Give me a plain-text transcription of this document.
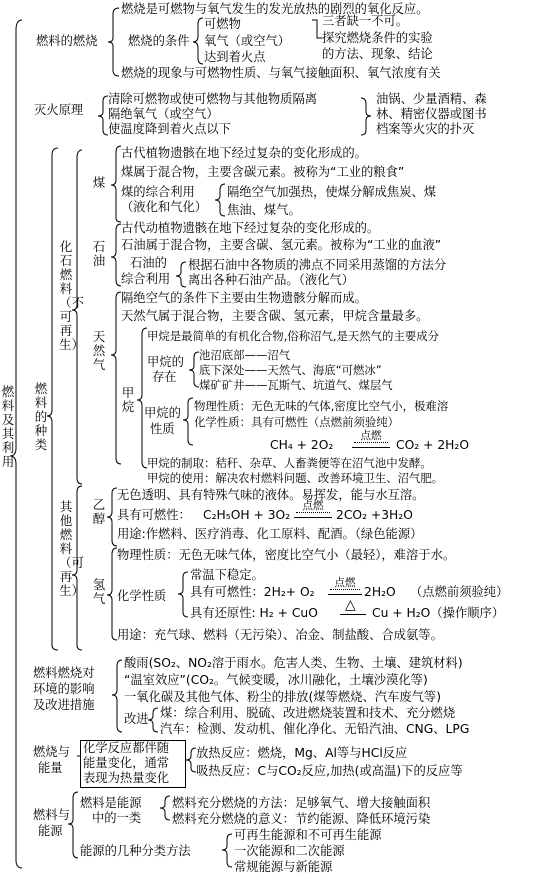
燃料及其利用
燃料的燃烧
燃烧是可燃物与氧气发生的发光放热的剧烈的氧化反应。
燃烧的条件
可燃物
氧气（或空气）
达到着火点
三者缺一不可。
探究燃烧条件的实验
的方法、现象、结论
燃烧的现象与可燃物性质、与氧气接触面积、氧气浓度有关
灭火原理
清除可燃物或使可燃物与其他物质隔离
隔绝氧气（或空气）
使温度降到着火点以下
油锅、少量酒精、森
林、精密仪器或图书
档案等火灾的扑灭
燃料的种类
化石燃料（不可再生）
煤
古代植物遗骸在地下经过复杂的变化形成的。
煤属于混合物，主要含碳元素。被称为“工业的粮食”
煤的综合利用
（液化和气化）
隔绝空气加强热，使煤分解成焦炭、煤
焦油、煤气。
石油
古代动植物遗骸在地下经过复杂的变化形成的。
石油属于混合物，主要含碳、氢元素。被称为“工业的血液”
石油的
综合利用
根据石油中各物质的沸点不同采用蒸馏的方法分
离出各种石油产品。（液化气）
天然气
隔绝空气的条件下主要由生物遗骸分解而成。
天然气属于混合物，主要含碳、氢元素，甲烷含量最多。
甲烷
甲烷是最简单的有机化合物,俗称沼气,是天然气的主要成分
甲烷的
存在
池沼底部——沼气
底下深处——天然气、海底“可燃冰”
煤矿矿井——瓦斯气、坑道气、煤层气
甲烷的
性质
物理性质：无色无味的气体,密度比空气小，极难溶
化学性质：具有可燃性（点燃前须验纯）
CH₄ + 2O₂
点燃
CO₂ + 2H₂O
甲烷的制取：秸秆、杂草、人畜粪便等在沼气池中发酵。
甲烷的使用：解决农村燃料问题、改善环境卫生、沼气肥。
其他燃料（可再生）
乙醇
无色透明、具有特殊气味的液体。易挥发，能与水互溶。
具有可燃性： C₂H₅OH + 3O₂
点燃
2CO₂ +3H₂O
用途:作燃料、医疗消毒、化工原料、配酒。（绿色能源）
氢气
物理性质：无色无味气体，密度比空气小（最轻），难溶于水。
化学性质
常温下稳定。
具有可燃性：2H₂+ O₂
点燃
2H₂O （点燃前须验纯）
具有还原性: H₂ + CuO △ Cu + H₂O（操作顺序）
用途：充气球、燃料（无污染）、冶金、制盐酸、合成氨等。
燃料燃烧对
环境的影响
及改进措施
酸雨(SO₂、NO₂溶于雨水。危害人类、生物、土壤、建筑材料)
“温室效应”(CO₂。气候变暖，冰川融化，土壤沙漠化等)
一氧化碳及其他气体、粉尘的排放(煤等燃烧、汽车废气等)
改进 煤：综合利用、脱硫、改进燃烧装置和技术、充分燃烧
汽车：检测、发动机、催化净化、无铅汽油、CNG、LPG
燃烧与
能量
化学反应都伴随
能量变化，通常
表现为热量变化
放热反应：燃烧，Mg、Al等与HCl反应
吸热反应：C与CO₂反应,加热(或高温)下的反应等
燃料与
能源
燃料是能源
中的一类
燃料充分燃烧的方法：足够氧气、增大接触面积
燃料充分燃烧的意义：节约能源、降低环境污染
能源的几种分类方法
可再生能源和不可再生能源
一次能源和二次能源
常规能源与新能源
